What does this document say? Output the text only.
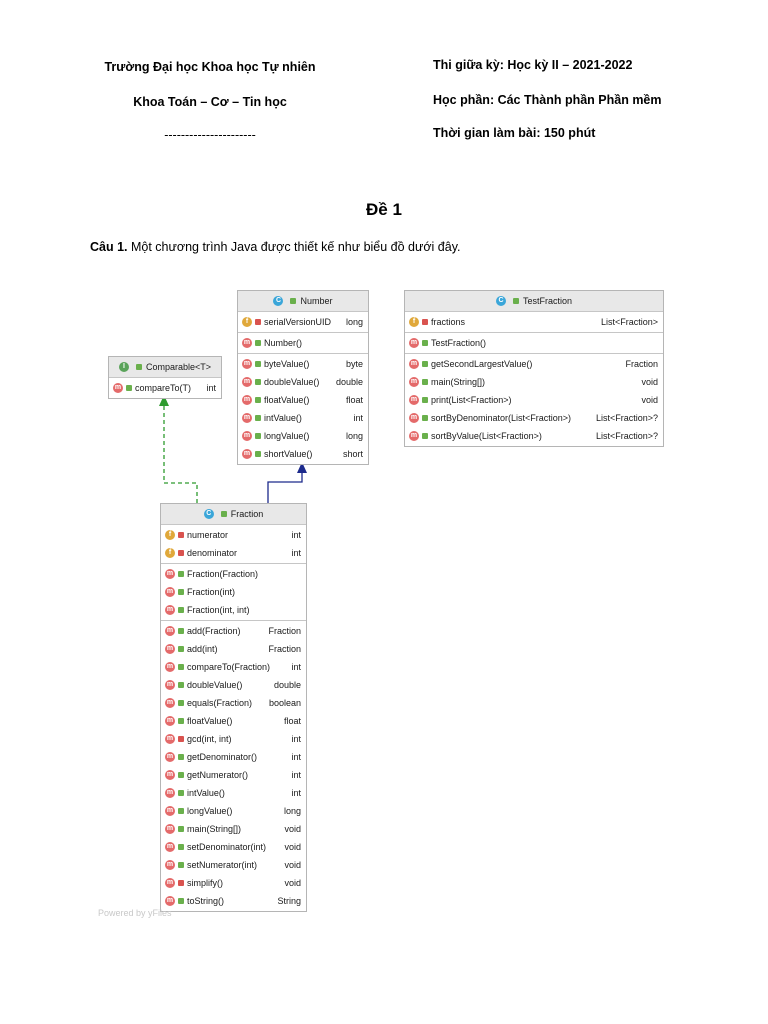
Trường Đại học Khoa học Tự nhiên
Khoa Toán – Cơ – Tin học
----------------------
Thi giữa kỳ: Học kỳ II – 2021-2022
Học phần: Các Thành phần Phần mềm
Thời gian làm bài: 150 phút
Đề 1
Câu 1. Một chương trình Java được thiết kế như biểu đồ dưới đây.
C Number
f	serialVersionUID	long
m Number()
m byteValue()	byte
m doubleValue()	double
m floatValue()	float
m intValue()	int
m longValue()	long
m shortValue()	short
I	Comparable<T>
m compareTo(T)	int
C TestFraction
f	fractions	List<Fraction>
m TestFraction()
m getSecondLargestValue()	Fraction
m main(String[])	void
m print(List<Fraction>)	void
m sortByDenominator(List<Fraction>)	List<Fraction>?
m sortByValue(List<Fraction>)	List<Fraction>?
C Fraction
f	numerator	int
f	denominator	int
m Fraction(Fraction)
m Fraction(int)
m Fraction(int, int)
m add(Fraction)	Fraction
m add(int)	Fraction
m compareTo(Fraction)	int
m doubleValue()	double
m equals(Fraction)	boolean
m floatValue()	float
m gcd(int, int)	int
m getDenominator()	int
m getNumerator()	int
m intValue()	int
m longValue()	long
m main(String[])	void
m setDenominator(int)	void
m setNumerator(int)	void
m simplify()	void
m toString()	String
Powered by yFiles
